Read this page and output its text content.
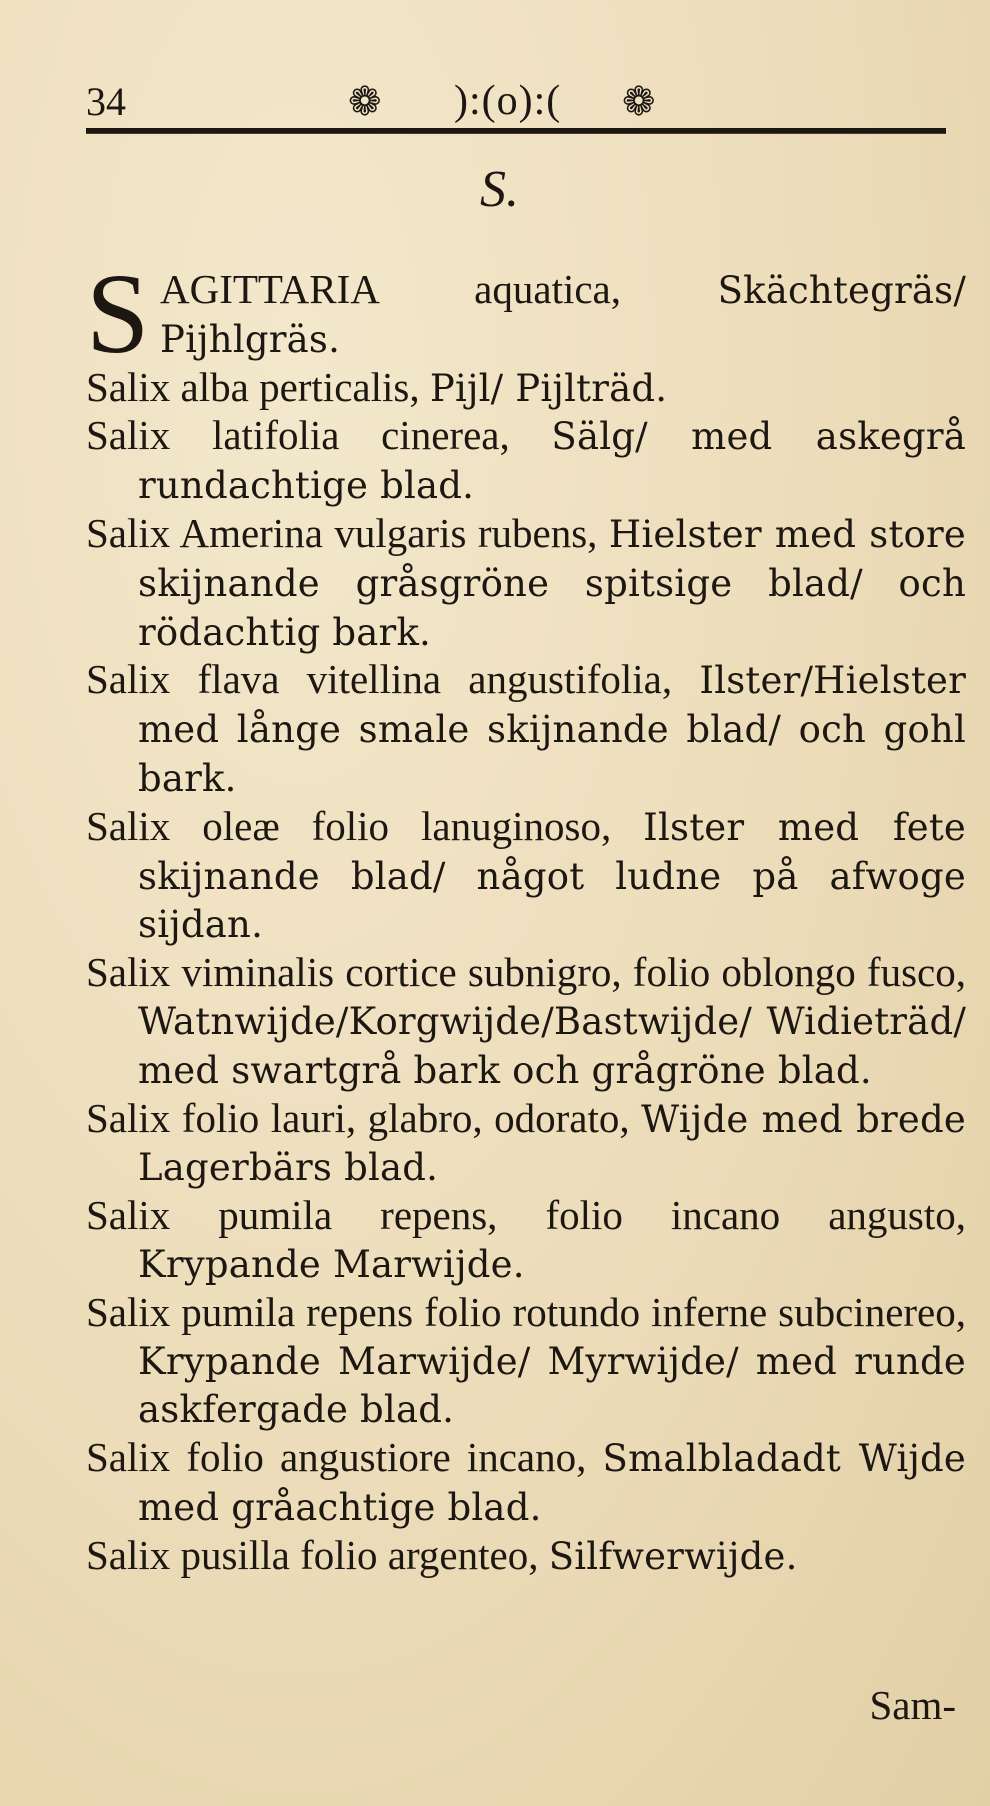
34	❁ ):(o):( ❁
S.

S AGITTARIA aquatica,	Skächtegräs/ Pijhlgräs.

Salix alba perticalis, Pijl/ Pijlträd.

Salix latifolia cinerea, Sälg/ med askegrå rundachtige blad.

Salix Amerina vulgaris rubens, Hielster med store skijnande gråsgröne spitsige blad/ och rödachtig bark.

Salix flava vitellina angustifolia, Ilster/Hielster med långe smale skijnande blad/ och gohl bark.

Salix oleæ folio lanuginoso, Ilster med fete skijnande blad/ något ludne på afwoge sijdan.

Salix viminalis cortice subnigro, folio oblongo fusco, Watnwijde/Korgwijde/Bastwijde/ Widieträd/ med swartgrå bark och grågröne blad.

Salix folio lauri, glabro, odorato, Wijde med brede Lagerbärs blad.

Salix pumila repens, folio incano angusto, Krypande Marwijde.

Salix pumila repens folio rotundo inferne subcinereo, Krypande Marwijde/ Myrwijde/ med runde askfergade blad.

Salix folio angustiore incano, Smalbladadt Wijde med gråachtige blad.

Salix pusilla folio argenteo, Silfwerwijde.

Sam-
